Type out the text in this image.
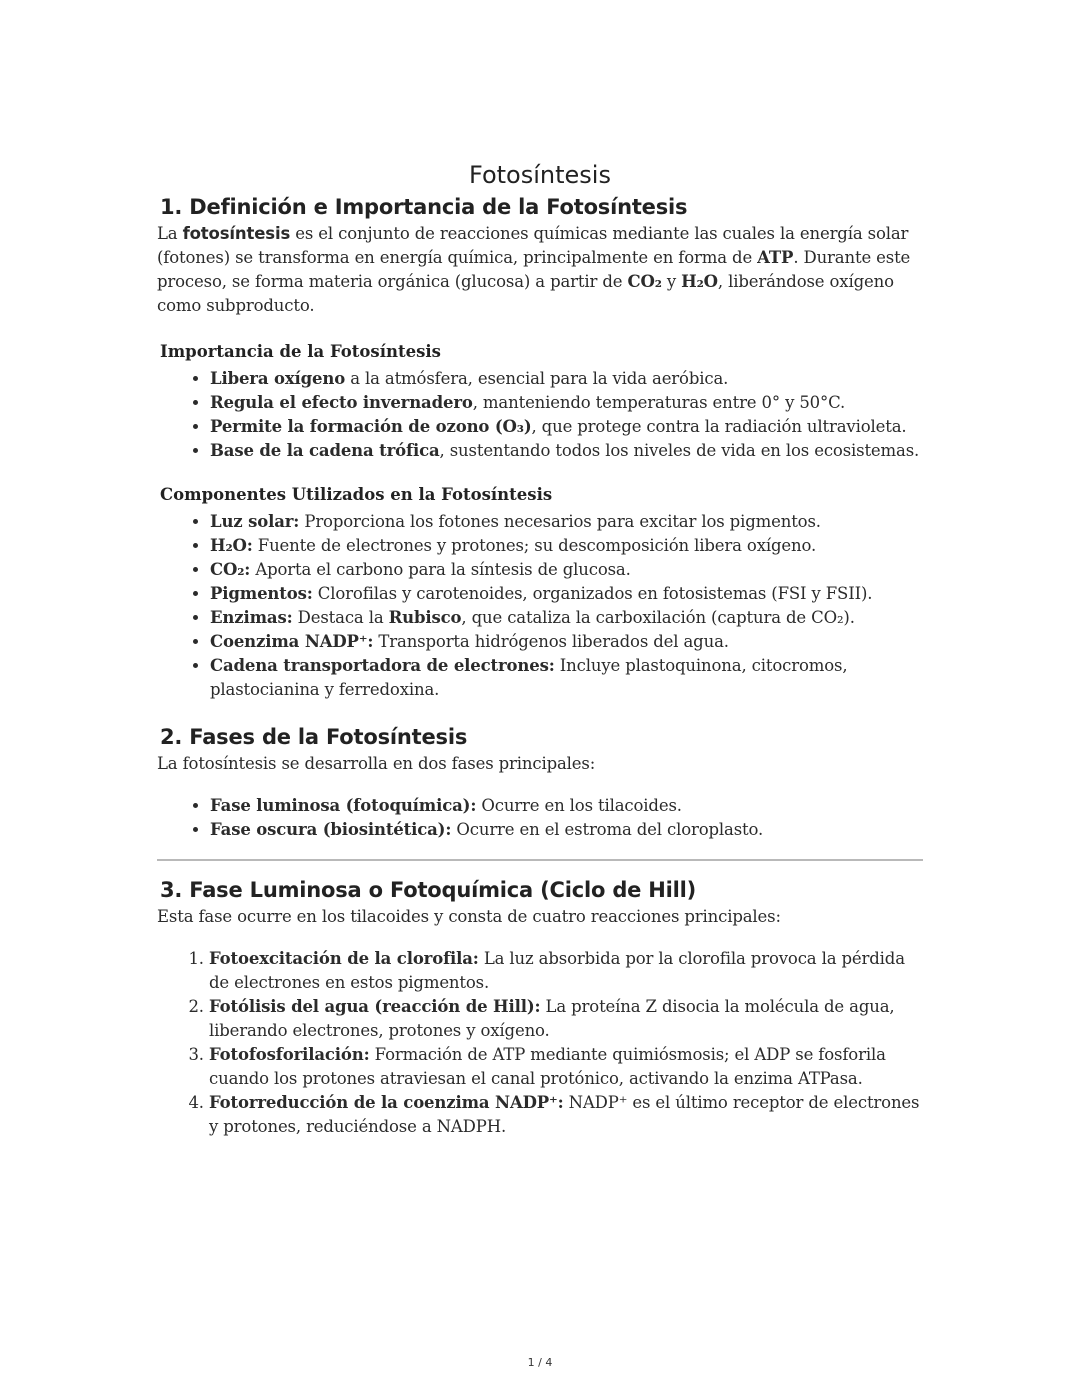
Fotosíntesis
1. Definición e Importancia de la Fotosíntesis

La fotosíntesis es el conjunto de reacciones químicas mediante las cuales la energía solar (fotones) se transforma en energía química, principalmente en forma de ATP. Durante este proceso, se forma materia orgánica (glucosa) a partir de CO₂ y H₂O, liberándose oxígeno como subproducto.

Importancia de la Fotosíntesis
• Libera oxígeno a la atmósfera, esencial para la vida aeróbica.
• Regula el efecto invernadero, manteniendo temperaturas entre 0° y 50°C.
• Permite la formación de ozono (O₃), que protege contra la radiación ultravioleta.
• Base de la cadena trófica, sustentando todos los niveles de vida en los ecosistemas.
Componentes Utilizados en la Fotosíntesis
• Luz solar: Proporciona los fotones necesarios para excitar los pigmentos.
• H₂O: Fuente de electrones y protones; su descomposición libera oxígeno.
• CO₂: Aporta el carbono para la síntesis de glucosa.
• Pigmentos: Clorofilas y carotenoides, organizados en fotosistemas (FSI y FSII).
• Enzimas: Destaca la Rubisco, que cataliza la carboxilación (captura de CO₂).
• Coenzima NADP⁺: Transporta hidrógenos liberados del agua.
• Cadena transportadora de electrones: Incluye plastoquinona, citocromos, plastocianina y ferredoxina.
2. Fases de la Fotosíntesis

La fotosíntesis se desarrolla en dos fases principales:

• Fase luminosa (fotoquímica): Ocurre en los tilacoides.
• Fase oscura (biosintética): Ocurre en el estroma del cloroplasto.
3. Fase Luminosa o Fotoquímica (Ciclo de Hill)

Esta fase ocurre en los tilacoides y consta de cuatro reacciones principales:

1. Fotoexcitación de la clorofila: La luz absorbida por la clorofila provoca la pérdida de electrones en estos pigmentos.
2. Fotólisis del agua (reacción de Hill): La proteína Z disocia la molécula de agua, liberando electrones, protones y oxígeno.
3. Fotofosforilación: Formación de ATP mediante quimiósmosis; el ADP se fosforila cuando los protones atraviesan el canal protónico, activando la enzima ATPasa.
4. Fotorreducción de la coenzima NADP⁺: NADP⁺ es el último receptor de electrones y protones, reduciéndose a NADPH.
1 / 4
